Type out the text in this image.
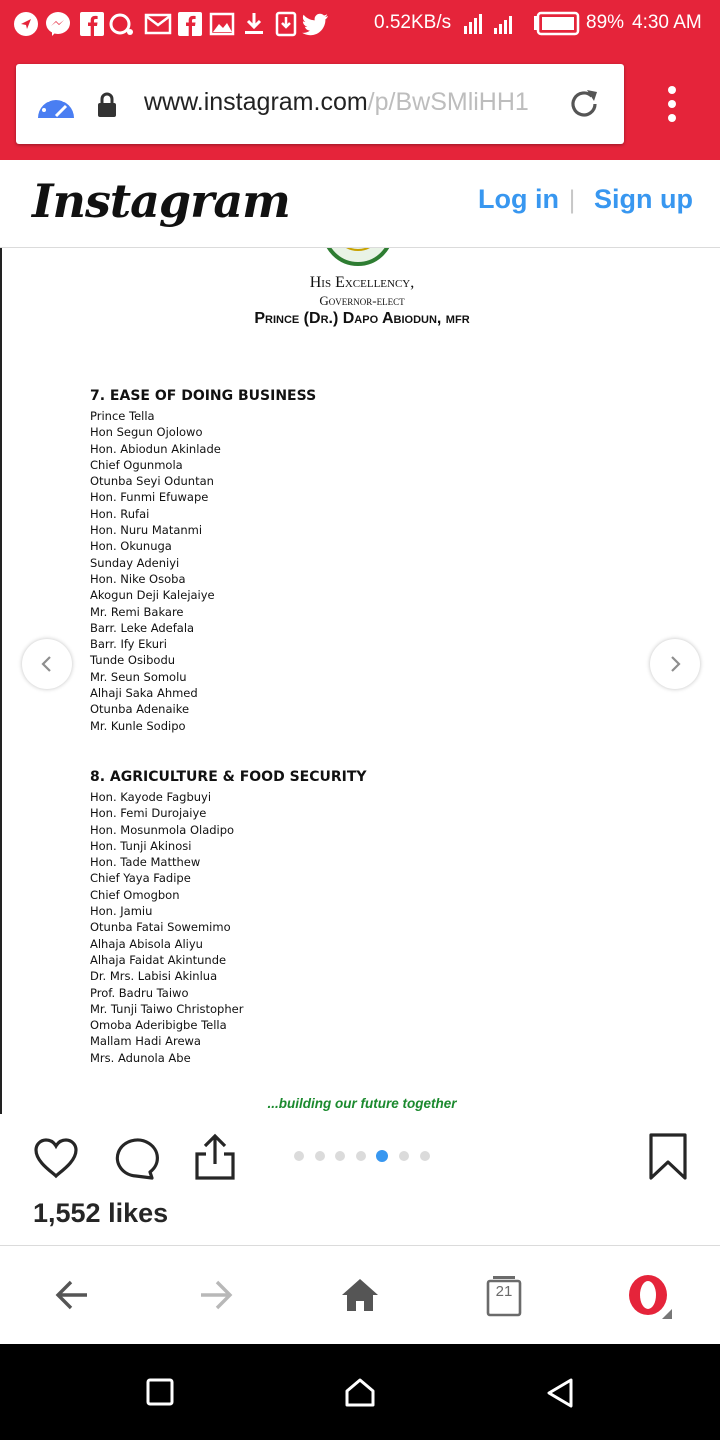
0.52KB/s	89% 4:30 AM
www.instagram.com/p/BwSMliHH1
Instagram	Log in | Sign up
His Excellency,
Governor-elect
Prince (Dr.) Dapo Abiodun, mfr
7. EASE OF DOING BUSINESS
Prince Tella
Hon Segun Ojolowo
Hon. Abiodun Akinlade
Chief Ogunmola
Otunba Seyi Oduntan
Hon. Funmi Efuwape
Hon. Rufai
Hon. Nuru Matanmi
Hon. Okunuga
Sunday Adeniyi
Hon. Nike Osoba
Akogun Deji Kalejaiye
Mr. Remi Bakare
Barr. Leke Adefala
Barr. Ify Ekuri
Tunde Osibodu
Mr. Seun Somolu
Alhaji Saka Ahmed
Otunba Adenaike
Mr. Kunle Sodipo
8. AGRICULTURE & FOOD SECURITY
Hon. Kayode Fagbuyi
Hon. Femi Durojaiye
Hon. Mosunmola Oladipo
Hon. Tunji Akinosi
Hon. Tade Matthew
Chief Yaya Fadipe
Chief Omogbon
Hon. Jamiu
Otunba Fatai Sowemimo
Alhaja Abisola Aliyu
Alhaja Faidat Akintunde
Dr. Mrs. Labisi Akinlua
Prof. Badru Taiwo
Mr. Tunji Taiwo Christopher
Omoba Aderibigbe Tella
Mallam Hadi Arewa
Mrs. Adunola Abe
...building our future together
1,552 likes
21
